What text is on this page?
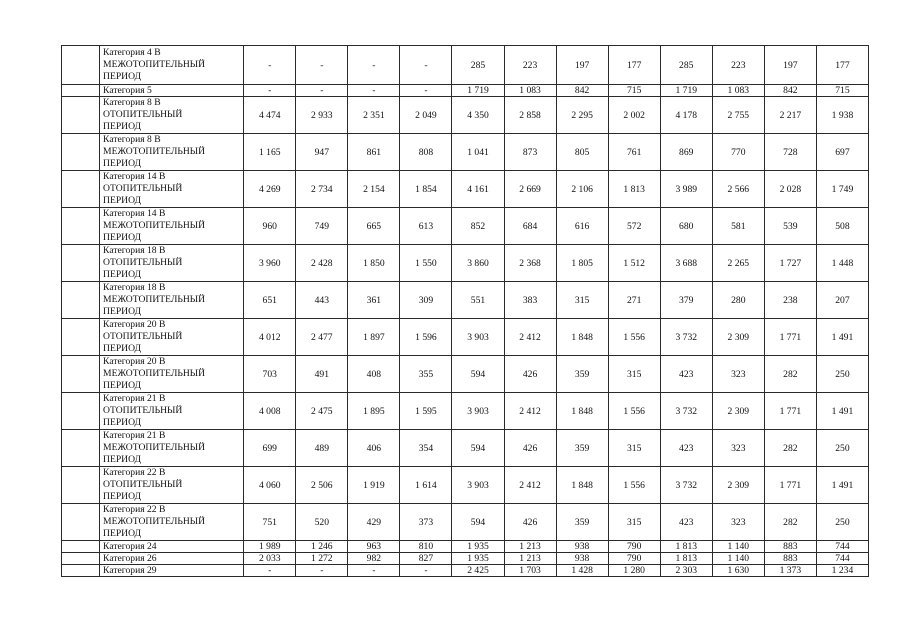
	Категория 4 В
МЕЖОТОПИТЕЛЬНЫЙ
ПЕРИОД	-	-	-	-	285	223	197	177	285	223	197	177
	Категория 5	-	-	-	-	1 719	1 083	842	715	1 719	1 083	842	715
	Категория 8 В
ОТОПИТЕЛЬНЫЙ
ПЕРИОД	4 474	2 933	2 351	2 049	4 350	2 858	2 295	2 002	4 178	2 755	2 217	1 938
	Категория 8 В
МЕЖОТОПИТЕЛЬНЫЙ
ПЕРИОД	1 165	947	861	808	1 041	873	805	761	869	770	728	697
	Категория 14 В
ОТОПИТЕЛЬНЫЙ
ПЕРИОД	4 269	2 734	2 154	1 854	4 161	2 669	2 106	1 813	3 989	2 566	2 028	1 749
	Категория 14 В
МЕЖОТОПИТЕЛЬНЫЙ
ПЕРИОД	960	749	665	613	852	684	616	572	680	581	539	508
	Категория 18 В
ОТОПИТЕЛЬНЫЙ
ПЕРИОД	3 960	2 428	1 850	1 550	3 860	2 368	1 805	1 512	3 688	2 265	1 727	1 448
	Категория 18 В
МЕЖОТОПИТЕЛЬНЫЙ
ПЕРИОД	651	443	361	309	551	383	315	271	379	280	238	207
	Категория 20 В
ОТОПИТЕЛЬНЫЙ
ПЕРИОД	4 012	2 477	1 897	1 596	3 903	2 412	1 848	1 556	3 732	2 309	1 771	1 491
	Категория 20 В
МЕЖОТОПИТЕЛЬНЫЙ
ПЕРИОД	703	491	408	355	594	426	359	315	423	323	282	250
	Категория 21 В
ОТОПИТЕЛЬНЫЙ
ПЕРИОД	4 008	2 475	1 895	1 595	3 903	2 412	1 848	1 556	3 732	2 309	1 771	1 491
	Категория 21 В
МЕЖОТОПИТЕЛЬНЫЙ
ПЕРИОД	699	489	406	354	594	426	359	315	423	323	282	250
	Категория 22 В
ОТОПИТЕЛЬНЫЙ
ПЕРИОД	4 060	2 506	1 919	1 614	3 903	2 412	1 848	1 556	3 732	2 309	1 771	1 491
	Категория 22 В
МЕЖОТОПИТЕЛЬНЫЙ
ПЕРИОД	751	520	429	373	594	426	359	315	423	323	282	250
	Категория 24	1 989	1 246	963	810	1 935	1 213	938	790	1 813	1 140	883	744
	Категория 26	2 033	1 272	982	827	1 935	1 213	938	790	1 813	1 140	883	744
	Категория 29	-	-	-	-	2 425	1 703	1 428	1 280	2 303	1 630	1 373	1 234
